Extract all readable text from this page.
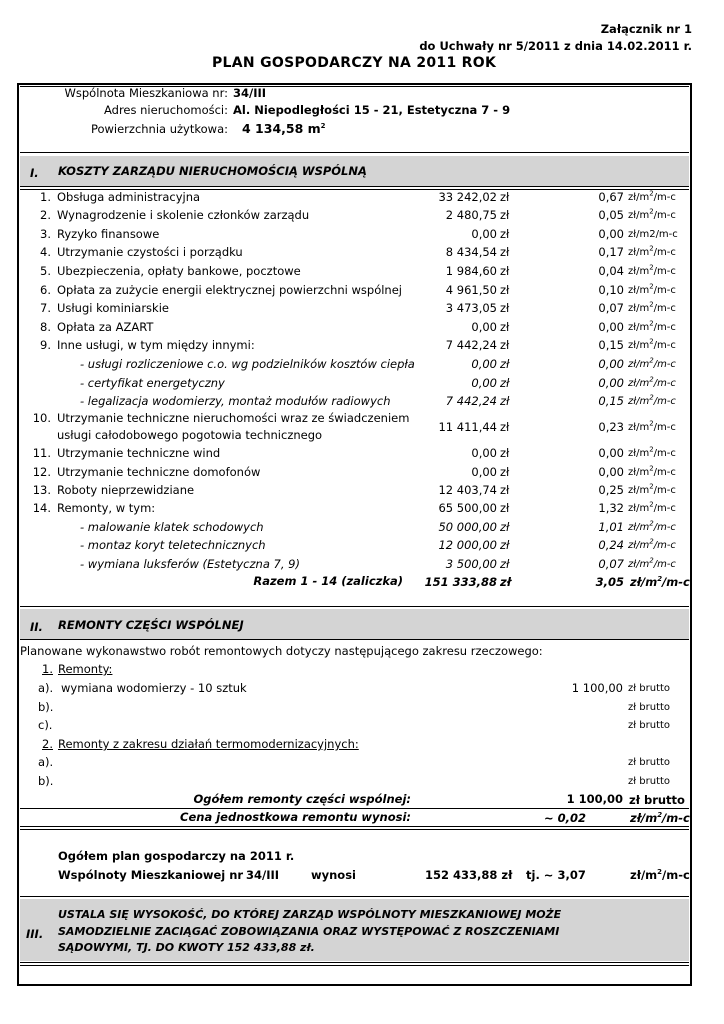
Załącznik nr 1
do Uchwały nr 5/2011 z dnia 14.02.2011 r.
PLAN GOSPODARCZY NA 2011 ROK
Wspólnota Mieszkaniowa nr: 34/III
Adres nieruchomości: Al. Niepodległości 15 - 21, Estetyczna 7 - 9
Powierzchnia użytkowa: 4 134,58 $m^2$
I. KOSZTY ZARZĄDU NIERUCHOMOŚCIĄ WSPÓLNĄ
1. Obsługa administracyjna	33 242,02 zł	0,67 $zł/m^2/m-c$
2. Wynagrodzenie i skolenie członków zarządu	2 480,75 zł	0,05 $zł/m^2/m-c$
3. Ryzyko finansowe	0,00 zł	0,00 zł/m2/m-c
4. Utrzymanie czystości i porządku	8 434,54 zł	0,17 $zł/m^2/m-c$
5. Ubezpieczenia, opłaty bankowe, pocztowe	1 984,60 zł	0,04 $zł/m^2/m-c$
6. Opłata za zużycie energii elektrycznej powierzchni wspólnej	4 961,50 zł	0,10 $zł/m^2/m-c$
7. Usługi kominiarskie	3 473,05 zł	0,07 $zł/m^2/m-c$
8. Opłata za AZART	0,00 zł	0,00 $zł/m^2/m-c$
9. Inne usługi, w tym między innymi:	7 442,24 zł	0,15 $zł/m^2/m-c$
- usługi rozliczeniowe c.o. wg podzielników kosztów ciepła	0,00 zł	0,00 $zł/m^2/m-c$
- certyfikat energetyczny	0,00 zł	0,00 $zł/m^2/m-c$
- legalizacja wodomierzy, montaż modułów radiowych	7 442,24 zł	0,15 $zł/m^2/m-c$
10. Utrzymanie techniczne nieruchomości wraz ze świadczeniem
usługi całodobowego pogotowia technicznego
11 411,44 zł	0,23 $zł/m^2/m-c$
11. Utrzymanie techniczne wind	0,00 zł	0,00 $zł/m^2/m-c$
12. Utrzymanie techniczne domofonów	0,00 zł	0,00 $zł/m^2/m-c$
13. Roboty nieprzewidziane	12 403,74 zł	0,25 $zł/m^2/m-c$
14. Remonty, w tym:	65 500,00 zł	1,32 $zł/m^2/m-c$
- malowanie klatek schodowych	50 000,00 zł	1,01 $zł/m^2/m-c$
- montaz koryt teletechnicznych	12 000,00 zł	0,24 $zł/m^2/m-c$
- wymiana luksferów (Estetyczna 7, 9)	3 500,00 zł	0,07 $zł/m^2/m-c$
Razem 1 - 14 (zaliczka) 151 333,88 zł	3,05 $zł/m^2/m-c$
II. REMONTY CZĘŚCI WSPÓLNEJ
Planowane wykonawstwo robót remontowych dotyczy następującego zakresu rzeczowego:
1. Remonty:
a). wymiana wodomierzy - 10 sztuk	1 100,00 zł brutto
b).	zł brutto
c).	zł brutto
2. Remonty z zakresu działań termomodernizacyjnych:
a).	zł brutto
b).	zł brutto
Ogółem remonty części wspólnej:	1 100,00 zł brutto
Cena jednostkowa remontu wynosi:	~ 0,02	$zł/m^2/m-c$
Ogółem plan gospodarczy na 2011 r.
Wspólnoty Mieszkaniowej nr 34/III	wynosi	152 433,88 zł tj. ~ 3,07	$zł/m^2/m-c$
III.
USTALA SIĘ WYSOKOŚĆ, DO KTÓREJ ZARZĄD WSPÓLNOTY MIESZKANIOWEJ MOŻE
SAMODZIELNIE ZACIĄGAĆ ZOBOWIĄZANIA ORAZ WYSTĘPOWAĆ Z ROSZCZENIAMI
SĄDOWYMI, TJ. DO KWOTY 152 433,88 zł.
